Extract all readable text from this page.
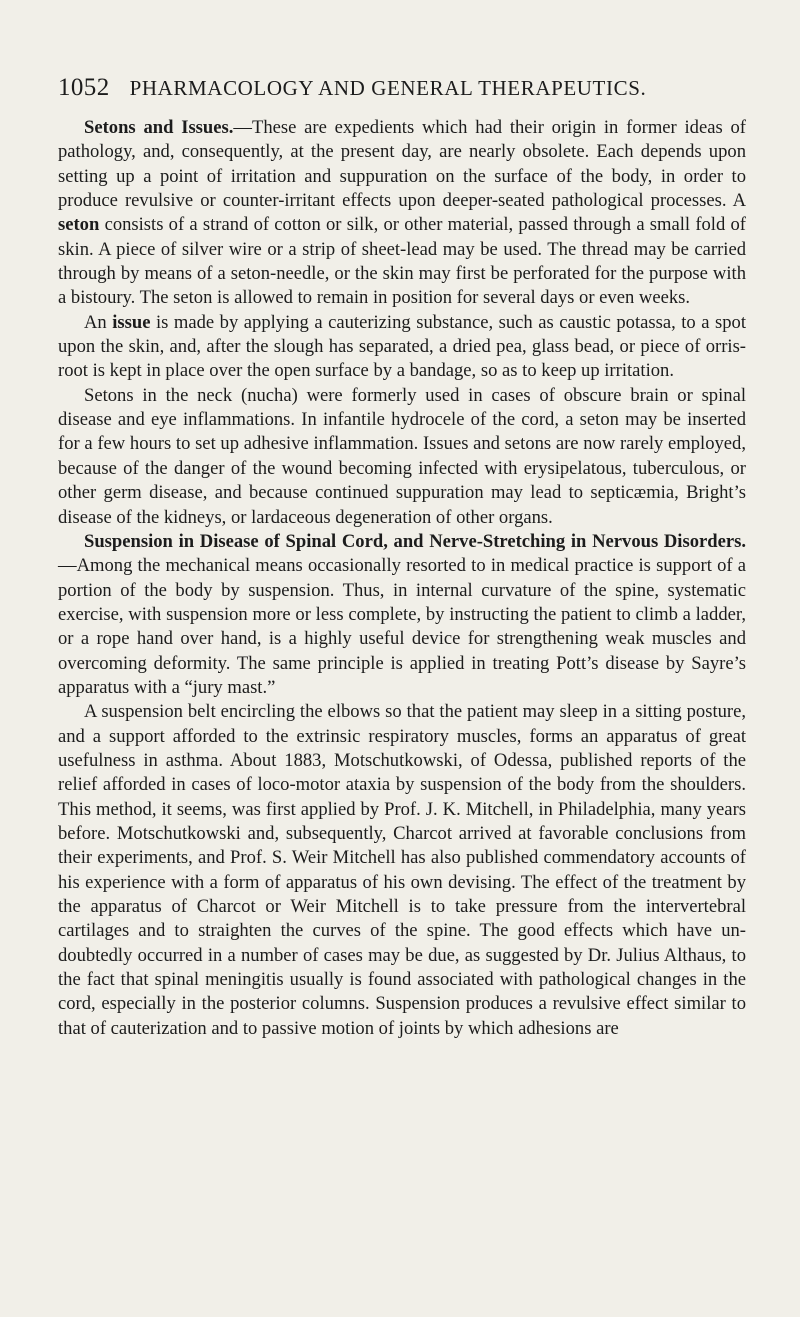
1052 PHARMACOLOGY AND GENERAL THERAPEUTICS.

Setons and Issues.—These are expedients which had their origin in former ideas of pathology, and, consequently, at the present day, are nearly obsolete. Each depends upon setting up a point of irritation and suppuration on the surface of the body, in order to produce revulsive or counter-irritant effects upon deeper-seated pathological processes. A seton consists of a strand of cotton or silk, or other material, passed through a small fold of skin. A piece of silver wire or a strip of sheet-lead may be used. The thread may be carried through by means of a seton-needle, or the skin may first be perforated for the purpose with a bistoury. The seton is allowed to remain in position for several days or even weeks.

An issue is made by applying a cauterizing substance, such as caustic potassa, to a spot upon the skin, and, after the slough has separated, a dried pea, glass bead, or piece of orris-root is kept in place over the open surface by a bandage, so as to keep up irritation.

Setons in the neck (nucha) were formerly used in cases of obscure brain or spinal disease and eye inflammations. In infantile hydrocele of the cord, a seton may be inserted for a few hours to set up adhesive inflammation. Issues and setons are now rarely employed, because of the danger of the wound becoming infected with erysipelatous, tuberculous, or other germ disease, and because continued suppuration may lead to septicæmia, Bright’s disease of the kidneys, or lardaceous degeneration of other organs.

Suspension in Disease of Spinal Cord, and Nerve-Stretching in Nervous Disorders.—Among the mechanical means occasionally resorted to in medical practice is support of a portion of the body by suspension. Thus, in internal curvature of the spine, systematic exercise, with suspension more or less complete, by instructing the patient to climb a ladder, or a rope hand over hand, is a highly useful device for strengthening weak muscles and overcoming deformity. The same principle is applied in treating Pott’s disease by Sayre’s apparatus with a “jury mast.”

A suspension belt encircling the elbows so that the patient may sleep in a sitting posture, and a support afforded to the extrinsic respiratory muscles, forms an apparatus of great usefulness in asthma. About 1883, Motschutkowski, of Odessa, published reports of the relief afforded in cases of loco-motor ataxia by suspension of the body from the shoulders. This method, it seems, was first applied by Prof. J. K. Mitchell, in Philadelphia, many years before. Motschutkowski and, subsequently, Charcot arrived at favorable conclusions from their experiments, and Prof. S. Weir Mitchell has also published commendatory accounts of his experience with a form of apparatus of his own devising. The effect of the treatment by the apparatus of Charcot or Weir Mitchell is to take pressure from the intervertebral cartilages and to straighten the curves of the spine. The good effects which have undoubtedly occurred in a number of cases may be due, as suggested by Dr. Julius Althaus, to the fact that spinal meningitis usually is found associated with pathological changes in the cord, especially in the posterior columns. Suspension produces a revulsive effect similar to that of cauterization and to passive motion of joints by which adhesions are
